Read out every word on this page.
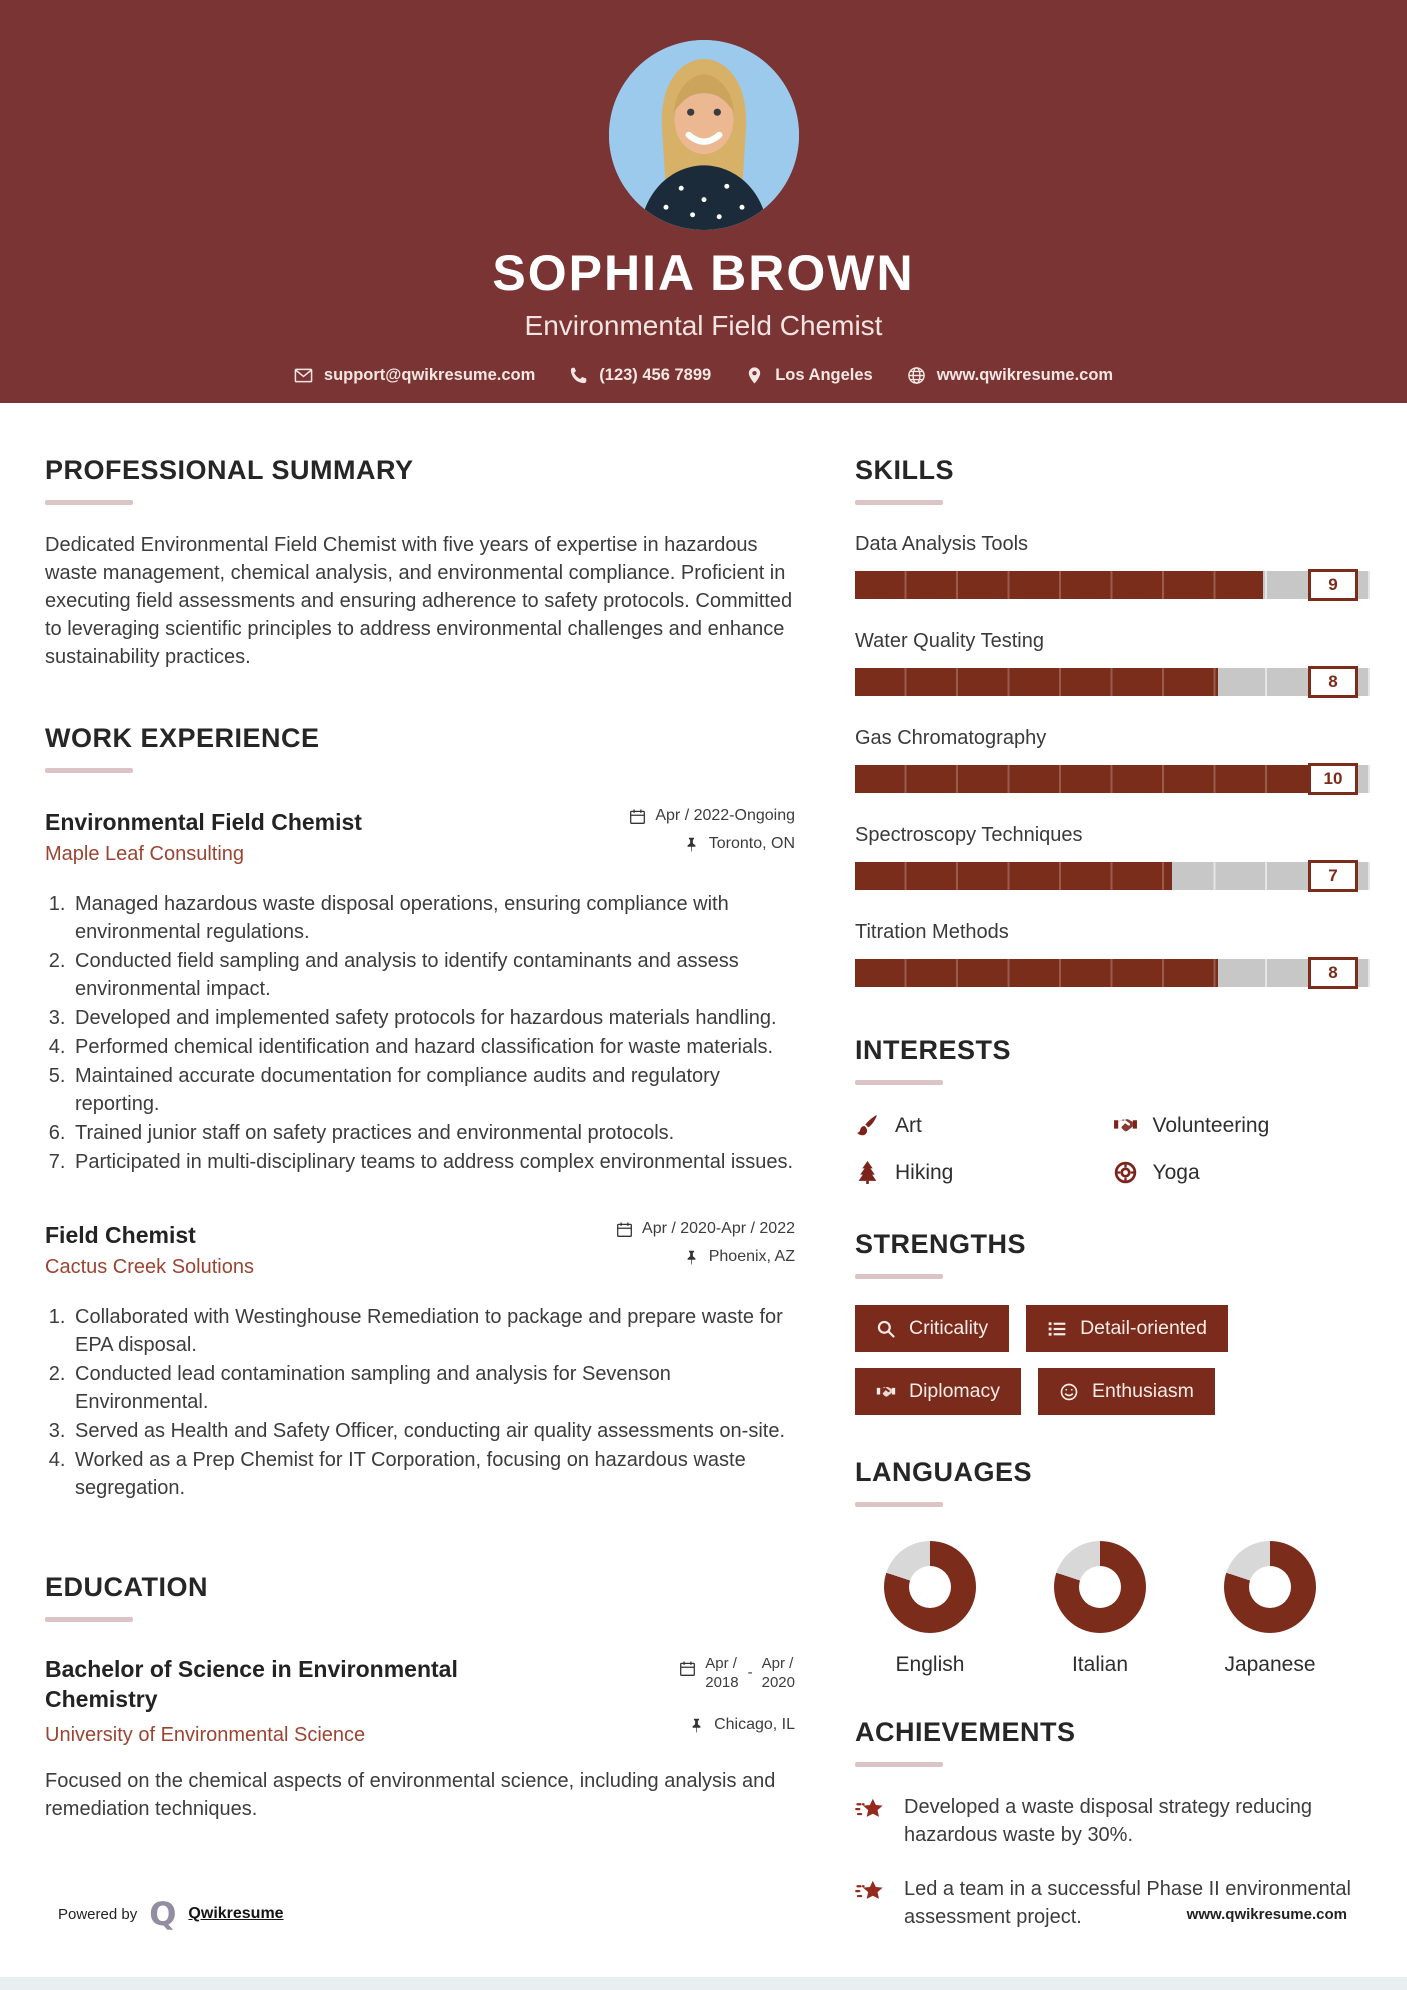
SOPHIA BROWN
Environmental Field Chemist
support@qwikresume.com	(123) 456 7899	Los Angeles	www.qwikresume.com
PROFESSIONAL SUMMARY

Dedicated Environmental Field Chemist with five years of expertise in hazardous waste management, chemical analysis, and environmental compliance. Proficient in executing field assessments and ensuring adherence to safety protocols. Committed to leveraging scientific principles to address environmental challenges and enhance sustainability practices.

WORK EXPERIENCE
Environmental Field Chemist
Maple Leaf Consulting
Apr / 2022-Ongoing
Toronto, ON
1. Managed hazardous waste disposal operations, ensuring compliance with environmental regulations.
2. Conducted field sampling and analysis to identify contaminants and assess environmental impact.
3. Developed and implemented safety protocols for hazardous materials handling.
4. Performed chemical identification and hazard classification for waste materials.
5. Maintained accurate documentation for compliance audits and regulatory reporting.
6. Trained junior staff on safety practices and environmental protocols.
7. Participated in multi-disciplinary teams to address complex environmental issues.
Field Chemist
Cactus Creek Solutions
Apr / 2020-Apr / 2022
Phoenix, AZ
1. Collaborated with Westinghouse Remediation to package and prepare waste for EPA disposal.
2. Conducted lead contamination sampling and analysis for Sevenson Environmental.
3. Served as Health and Safety Officer, conducting air quality assessments on-site.
4. Worked as a Prep Chemist for IT Corporation, focusing on hazardous waste segregation.
EDUCATION
Bachelor of Science in Environmental Chemistry
University of Environmental Science
Apr /
2018
-
Apr /
2020
Chicago, IL

Focused on the chemical aspects of environmental science, including analysis and remediation techniques.

SKILLS
Data Analysis Tools
9
Water Quality Testing
8
Gas Chromatography
10
Spectroscopy Techniques
7
Titration Methods
8
INTERESTS
Art	Volunteering
Hiking	Yoga
STRENGTHS
Criticality	Detail-oriented
Diplomacy	Enthusiasm
LANGUAGES
English	Italian	Japanese
ACHIEVEMENTS
Developed a waste disposal strategy reducing hazardous waste by 30%.
Led a team in a successful Phase II environmental assessment project.
Powered by Q Qwikresume	www.qwikresume.com
